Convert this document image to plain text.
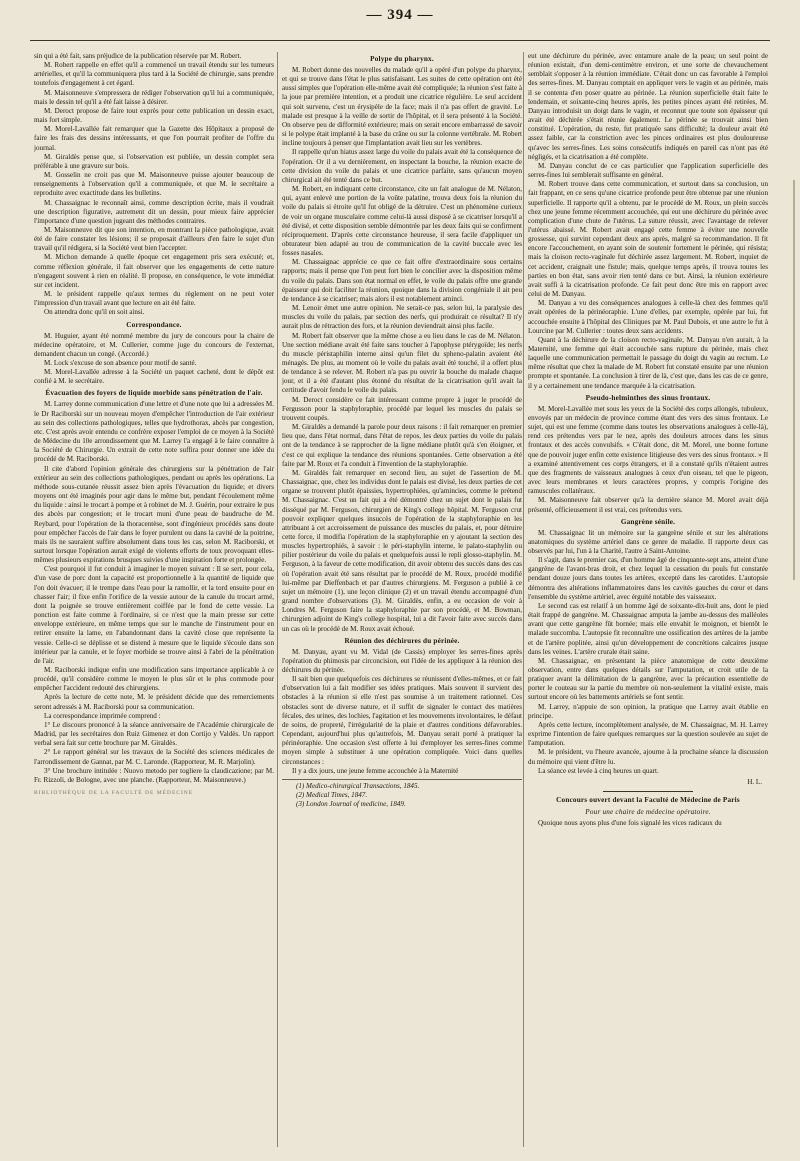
— 394 —

sin qui a été fait, sans préjudice de la publication réservée par M. Robert.

M. Robert rappelle en effet qu'il a commencé un travail étendu sur les tumeurs artérielles, et qu'il la communiquera plus tard à la Société de chirurgie, sans prendre toutefois d'engagement à cet égard.

M. Maisonneuve s'empressera de rédiger l'observation qu'il lui a communiquée, mais le dessin tel qu'il a été fait laisse à désirer.

M. Deroct propose de faire tout exprès pour cette publication un dessin exact, mais fort simple.

M. Morel-Lavallée fait remarquer que la Gazette des Hôpitaux a proposé de faire les frais des dessins intéressants, et que l'on pourrait profiter de l'offre du journal.

M. Giraldès pense que, si l'observation est publiée, un dessin complet sera préférable à une gravure sur bois.

M. Gosselin ne croit pas que M. Maisonneuve puisse ajouter beaucoup de renseignements à l'observation qu'il a communiquée, et que M. le secrétaire a reproduite avec exactitude dans les bulletins.

M. Chassaignac le reconnaît ainsi, comme description écrite, mais il voudrait une description figurative, autrement dit un dessin, pour mieux faire apprécier l'importance d'une question jugeant des méthodes contraires.

M. Maisonneuve dit que son intention, en montrant la pièce pathologique, avait été de faire constater les lésions; il se proposait d'ailleurs d'en faire le sujet d'un travail qu'il rédigera, si la Société veut bien l'accepter.

M. Michon demande à quelle époque cet engagement pris sera exécuté; et, comme réflexion générale, il fait observer que les engagements de cette nature n'engagent souvent à rien en réalité. Il propose, en conséquence, le vote immédiat sur cet incident.

M. le président rappelle qu'aux termes du règlement on ne peut voter l'impression d'un travail avant que lecture en ait été faite.

On attendra donc qu'il en soit ainsi.

Correspondance.

M. Huguier, ayant été nommé membre du jury de concours pour la chaire de médecine opératoire, et M. Cullerier, comme juge du concours de l'externat, demandent chacun un congé. (Accordé.)

M. Lock s'excuse de son absence pour motif de santé.

M. Morel-Lavallée adresse à la Société un paquet cacheté, dont le dépôt est confié à M. le secrétaire.

Évacuation des foyers de liquide morbide sans pénétration de l'air.

M. Larrey donne communication d'une lettre et d'une note que lui a adressées M. le Dr Raciborski sur un nouveau moyen d'empêcher l'introduction de l'air extérieur au sein des collections pathologiques, telles que hydrothorax, abcès par congestion, etc. C'est après avoir entendu ce confrère exposer l'emploi de ce moyen à la Société de Médecine du 10e arrondissement que M. Larrey l'a engagé à le faire connaître à la Société de Chirurgie. Un extrait de cette note suffira pour donner une idée du procédé de M. Raciborski.

Il cite d'abord l'opinion générale des chirurgiens sur la pénétration de l'air extérieur au sein des collections pathologiques, pendant ou après les opérations. La méthode sous-cutanée réussit assez bien après l'évacuation du liquide; et divers moyens ont été imaginés pour agir dans le même but, pendant l'écoulement même du liquide : ainsi le trocart à pompe et à robinet de M. J. Guérin, pour extraire le pus des abcès par congestion; et le trocart muni d'une peau de baudruche de M. Reybard, pour l'opération de la thoracentèse, sont d'ingénieux procédés sans doute pour empêcher l'accès de l'air dans le foyer purulent ou dans la cavité de la poitrine, mais ils ne sauraient suffire absolument dans tous les cas, selon M. Raciborski, et surtout lorsque l'opération aurait exigé de violents efforts de toux provoquant elles-mêmes plusieurs expirations brusques suivies d'une inspiration forte et prolongée.

C'est pourquoi il fut conduit à imaginer le moyen suivant : Il se sert, pour cela, d'un vase de porc dont la capacité est proportionnelle à la quantité de liquide que l'on doit évacuer; il le trempe dans l'eau pour la ramollir, et la tord ensuite pour en chasser l'air; il fixe enfin l'orifice de la vessie autour de la canule du trocart armé, dont la poignée se trouve entièrement coiffée par le fond de cette vessie. La ponction est faite comme à l'ordinaire, si ce n'est que la main presse sur cette enveloppe extérieure, en même temps que sur le manche de l'instrument pour en retirer ensuite la lame, en l'abandonnant dans la cavité close que représente la vessie. Celle-ci se déplisse et se distend à mesure que le liquide s'écoule dans son intérieur par la canule, et le foyer morbide se trouve ainsi à l'abri de la pénétration de l'air.

M. Raciborski indique enfin une modification sans importance applicable à ce procédé, qu'il considère comme le moyen le plus sûr et le plus commode pour empêcher l'accident redouté des chirurgiens.

Après la lecture de cette note, M. le président décide que des remerciements seront adressés à M. Raciborski pour sa communication.

La correspondance imprimée comprend :

1° Le discours prononcé à la séance anniversaire de l'Académie chirurgicale de Madrid, par les secrétaires don Ruiz Gimenez et don Cortijo y Valdès. Un rapport verbal sera fait sur cette brochure par M. Giraldès.

2° Le rapport général sur les travaux de la Société des sciences médicales de l'arrondissement de Gannat, par M. C. Laronde. (Rapporteur, M. R. Marjolin).

3° Une brochure intitulée : Nuovo metodo per togliere la claudicazione; par M. Fr. Rizzoli, de Bologne, avec une planche. (Rapporteur, M. Maisonneuve.)

BIBLIOTHÈQUE DE LA FACULTÉ DE MÉDECINE
Polype du pharynx.

M. Robert donne des nouvelles du malade qu'il a opéré d'un polype du pharynx, et qui se trouve dans l'état le plus satisfaisant. Les suites de cette opération ont été aussi simples que l'opération elle-même avait été compliquée; la réunion s'est faite à la joue par première intention, et a produit une cicatrice régulière. Le seul accident qui soit survenu, c'est un érysipèle de la face; mais il n'a pas offert de gravité. Le malade est presque à la veille de sortir de l'hôpital, et il sera présenté à la Société. On observe peu de difformité extérieure; mais on serait encore embarrassé de savoir si le polype était implanté à la base du crâne ou sur la colonne vertébrale. M. Robert incline toujours à penser que l'implantation avait lieu sur les vertèbres.

Il rappelle qu'un hiatus assez large du voile du palais avait été la conséquence de l'opération. Or il a vu dernièrement, en inspectant la bouche, la réunion exacte de cette division du voile du palais et une cicatrice parfaite, sans qu'aucun moyen chirurgical ait été tenté dans ce but.

M. Robert, en indiquant cette circonstance, cite un fait analogue de M. Nélaton, qui, ayant enlevé une portion de la voûte palatine, trouva deux fois la réunion du voile du palais si étroite qu'il fut obligé de la détruire. C'est un phénomène curieux de voir un organe musculaire comme celui-là aussi disposé à se cicatriser lorsqu'il a été divisé, et cette disposition semble démontrée par les deux faits qui se confirment réciproquement. D'après cette circonstance heureuse, il sera facile d'appliquer un obturateur bien adapté au trou de communication de la cavité buccale avec les fosses nasales.

M. Chassaignac apprécie ce que ce fait offre d'extraordinaire sous certains rapports; mais il pense que l'on peut fort bien le concilier avec la disposition même du voile du palais. Dans son état normal en effet, le voile du palais offre une grande épaisseur qui doit faciliter la réunion, quoique dans la division congéniale il ait peu de tendance à se cicatriser; mais alors il est notablement aminci.

M. Lenoir émet une autre opinion. Ne serait-ce pas, selon lui, la paralysie des muscles du voile du palais, par section des nerfs, qui produirait ce résultat? Il n'y aurait plus de rétraction des fors, et la réunion deviendrait ainsi plus facile.

M. Robert fait observer que la même chose a eu lieu dans le cas de M. Nélaton. Une section médiane avait été faite sans toucher à l'apophyse ptérygoïde; les nerfs du muscle péristaphilin interne ainsi qu'un filet du spheno-palatin avaient été ménagés. De plus, au moment où le voile du palais avait été touché, il a offert plus de tendance à se relever. M. Robert n'a pas pu ouvrir la bouche du malade chaque jour, et il a été d'autant plus étonné du résultat de la cicatrisation qu'il avait la certitude d'avoir fendu le voile du palais.

M. Deroct considère ce fait intéressant comme propre à juger le procédé de Fergusson pour la staphyloraphie, procédé par lequel les muscles du palais se trouvent coupés.

M. Giraldès a demandé la parole pour deux raisons : il fait remarquer en premier lieu que, dans l'état normal, dans l'état de repos, les deux parties du voile du palais ont de la tendance à se rapprocher de la ligne médiane plutôt qu'à s'en éloigner, et c'est ce qui explique la tendance des réunions spontanées. Cette observation a été faite par M. Roux et l'a conduit à l'invention de la staphyloraphie.

M. Giraldès fait remarquer en second lieu, au sujet de l'assertion de M. Chassaignac, que, chez les individus dont le palais est divisé, les deux parties de cet organe se trouvent plutôt épaissies, hypertrophiées, qu'amincies, comme le prétend M. Chassaignac. C'est un fait qui a été démontré chez un sujet dont le palais fut disséqué par M. Ferguson, chirurgien de King's college hôpital. M. Ferguson crut pouvoir expliquer quelques insuccès de l'opération de la staphyloraphie en les attribuant à cet accroissement de puissance des muscles du palais, et, pour détruire cette force, il modifia l'opération de la staphyloraphie en y ajoutant la section des muscles hypertrophiés, à savoir : le péri-staphylin interne, le palato-staphylin ou pilier postérieur du voile du palais et quelquefois aussi le repli glosso-staphylin. M. Ferguson, à la faveur de cette modification, dit avoir obtenu des succès dans des cas où l'opération avait été sans résultat par le procédé de M. Roux, procédé modifié lui-même par Dieffenbach et par d'autres chirurgiens. M. Ferguson a publié à ce sujet un mémoire (1), une leçon clinique (2) et un travail étendu accompagné d'un grand nombre d'observations (3). M. Giraldès, enfin, a eu occasion de voir à Londres M. Ferguson faire la staphyloraphie par son procédé, et M. Bowman, chirurgien adjoint de King's college hospital, lui a dit l'avoir faite avec succès dans un cas où le procédé de M. Roux avait échoué.

Réunion des déchirures du périnée.

M. Danyau, ayant vu M. Vidal (de Cassis) employer les serres-fines après l'opération du phimosis par circoncision, eut l'idée de les appliquer à la réunion des déchirures du périnée.

Il sait bien que quelquefois ces déchirures se réunissent d'elles-mêmes, et ce fait d'observation lui a fait modifier ses idées pratiques. Mais souvent il survient des obstacles à la réunion si elle n'est pas soumise à un traitement rationnel. Ces obstacles sont de diverse nature, et il suffit de signaler le contact des matières fécales, des urines, des lochies, l'agitation et les mouvements involontaires, le défaut de soins, de propreté, l'irrégularité de la plaie et d'autres conditions défavorables. Cependant, aujourd'hui plus qu'autrefois, M. Danyau serait porté à pratiquer la périnéoraphie. Une occasion s'est offerte à lui d'employer les serres-fines comme moyen simple à substituer à une opération compliquée. Voici dans quelles circonstances :

Il y a dix jours, une jeune femme accouchée à la Maternité

(1) Medico-chirurgical Transactions, 1845.

(2) Medical Times, 1847.

(3) London Journal of medicine, 1849.

eut une déchirure du périnée, avec entamure anale de la peau; un seul point de réunion existait, d'un demi-centimètre environ, et une sorte de chevauchement semblait s'opposer à la réunion immédiate. C'était donc un cas favorable à l'emploi des serres-fines. M. Danyau comptait en appliquer vers le vagin et au périnée, mais il se contenta d'en poser quatre au périnée. La réunion superficielle était faite le lendemain, et soixante-cinq heures après, les petites pinces ayant été retirées, M. Danyau introduisit un doigt dans le vagin, et reconnut que toute son épaisseur qui avait été déchirée s'était réunie également. Le périnée se trouvait ainsi bien constitué. L'opération, du reste, fut pratiquée sans difficulté; la douleur avait été assez faible, car la constriction avec les pinces ordinaires est plus douloureuse qu'avec les serres-fines. Les soins consécutifs indiqués en pareil cas n'ont pas été négligés, et la cicatrisation a été complète.

M. Danyau conclut de ce cas particulier que l'application superficielle des serres-fines lui semblerait suffisante en général.

M. Robert trouve dans cette communication, et surtout dans sa conclusion, un fait frappant, en ce sens qu'une cicatrice profonde peut être obtenue par une réunion superficielle. Il rapporte qu'il a obtenu, par le procédé de M. Roux, un plein succès chez une jeune femme récemment accouchée, qui eut une déchirure du périnée avec complication d'une chute de l'utérus. La suture réussit, avec l'avantage de relever l'utérus abaissé. M. Robert avait engagé cette femme à éviter une nouvelle grossesse, qui survint cependant deux ans après, malgré sa recommandation. Il fit encore l'accouchement, en ayant soin de soutenir fortement le périnée, qui résista; mais la cloison recto-vaginale fut déchirée assez largement. M. Robert, inquiet de cet accident, craignait une fistule; mais, quelque temps après, il trouva toutes les parties en bon état, sans avoir rien tenté dans ce but. Ainsi, la réunion extérieure avait suffi à la cicatrisation profonde. Ce fait peut donc être mis en rapport avec celui de M. Danyau.

M. Danyau a vu des conséquences analogues à celle-là chez des femmes qu'il avait opérées de la périnéoraphie. L'une d'elles, par exemple, opérée par lui, fut accouchée ensuite à l'hôpital des Cliniques par M. Paul Dubois, et une autre le fut à Lourcine par M. Cullerier : toutes deux sans accidents.

Quant à la déchirure de la cloison recto-vaginale, M. Danyau n'en aurait, à la Maternité, une femme qui était accouchée sans rupture du périnée, mais chez laquelle une communication permettait le passage du doigt du vagin au rectum. Le même résultat que chez la malade de M. Robert fut constaté ensuite par une réunion prompte et spontanée. La conclusion à tirer de là, c'est que, dans les cas de ce genre, il y a certainement une tendance marquée à la cicatrisation.

Pseudo-helminthes des sinus frontaux.

M. Morel-Lavallée met sous les yeux de la Société des corps allongés, tubuleux, envoyés par un médecin de province comme étant des vers des sinus frontaux. Le sujet, qui est une femme (comme dans toutes les observations analogues à celle-là), rend ces prétendus vers par le nez, après des douleurs atroces dans les sinus frontaux et des accès convulsifs. « C'était donc, dit M. Morel, une bonne fortune que de pouvoir juger enfin cette existence litigieuse des vers des sinus frontaux. » Il a examiné attentivement ces corps étrangers, et il a constaté qu'ils n'étaient autres que des fragments de vaisseaux analogues à ceux d'un oiseau, tel que le pigeon, avec leurs membranes et leurs caractères propres, y compris l'origine des ramuscules collatéraux.

M. Maisonneuve fait observer qu'à la dernière séance M. Morel avait déjà présenté, officieusement il est vrai, ces prétendus vers.

Gangrène sénile.

M. Chassaignac lit un mémoire sur la gangrène sénile et sur les altérations anatomiques du système artériel dans ce genre de maladie. Il rapporte deux cas observés par lui, l'un à la Charité, l'autre à Saint-Antoine.

Il s'agit, dans le premier cas, d'un homme âgé de cinquante-sept ans, atteint d'une gangrène de l'avant-bras droit, et chez lequel la cessation du pouls fut constatée pendant douze jours dans toutes les artères, excepté dans les carotides. L'autopsie démontra des altérations inflammatoires dans les cavités gauches du cœur et dans l'ensemble du système artériel, avec érguité notable des vaisseaux.

Le second cas est relatif à un homme âgé de soixante-dix-huit ans, dont le pied était frappé de gangrène. M. Chassaignac amputa la jambe au-dessus des malléoles avant que cette gangrène fût bornée; mais elle envahit le moignon, et bientôt le malade succomba. L'autopsie fit reconnaître une ossification des artères de la jambe et de l'artère poplitée, ainsi qu'un développement de concrétions calcaires jusque dans les veines. L'artère crurale était saine.

M. Chassaignac, en présentant la pièce anatomique de cette deuxième observation, entre dans quelques détails sur l'amputation, et croit utile de la pratiquer avant la délimitation de la gangrène, avec la précaution essentielle de porter le couteau sur la partie du membre où non-seulement la vitalité existe, mais surtout encore où les battements artériels se font sentir.

M. Larrey, n'appuie de son opinion, la pratique que Larrey avait établie en principe.

Après cette lecture, incomplètement analysée, de M. Chassaignac, M. H. Larrey exprime l'intention de faire quelques remarques sur la question soulevée au sujet de l'amputation.

M. le président, vu l'heure avancée, ajourne à la prochaine séance la discussion du mémoire qui vient d'être lu.

La séance est levée à cinq heures un quart.

H. L.
Concours ouvert devant la Faculté de Médecine de Paris
Pour une chaire de médecine opératoire.

Quoique nous ayons plus d'une fois signalé les vices radicaux du
